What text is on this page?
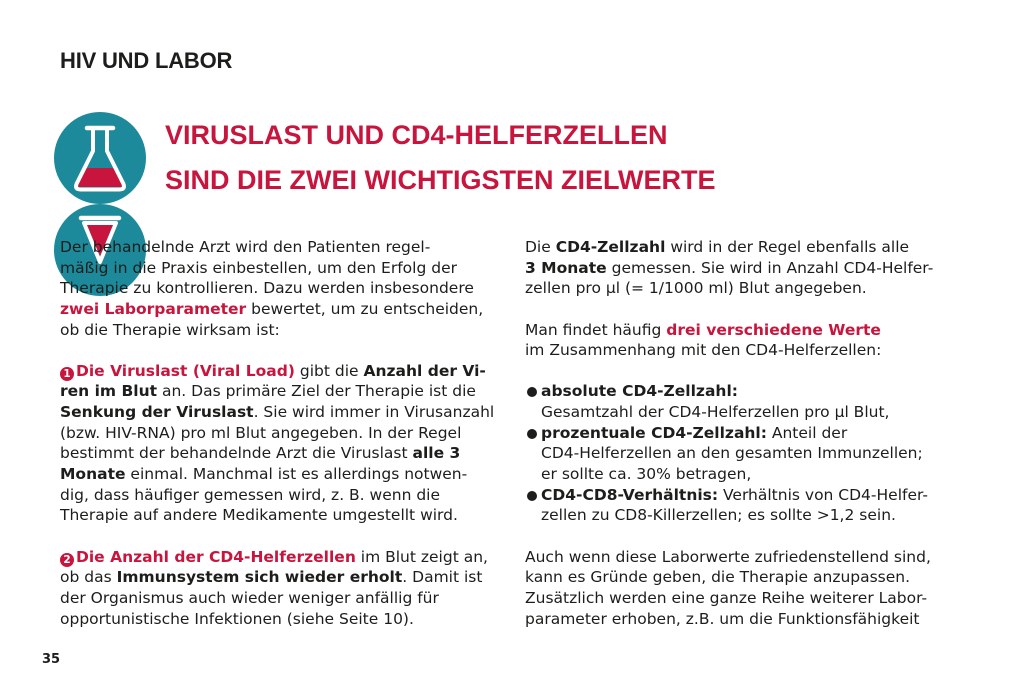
HIV UND LABOR
VIRUSLAST UND CD4-HELFERZELLEN
SIND DIE ZWEI WICHTIGSTEN ZIELWERTE
Der behandelnde Arzt wird den Patienten regel-
mäßig in die Praxis einbestellen, um den Erfolg der
Therapie zu kontrollieren. Dazu werden insbesondere
zwei Laborparameter bewertet, um zu entscheiden,
ob die Therapie wirksam ist:
1 Die Viruslast (Viral Load) gibt die Anzahl der Vi-
ren im Blut an. Das primäre Ziel der Therapie ist die
Senkung der Viruslast. Sie wird immer in Virusanzahl
(bzw. HIV-RNA) pro ml Blut angegeben. In der Regel
bestimmt der behandelnde Arzt die Viruslast alle 3
Monate einmal. Manchmal ist es allerdings notwen-
dig, dass häufiger gemessen wird, z. B. wenn die
Therapie auf andere Medikamente umgestellt wird.
2 Die Anzahl der CD4-Helferzellen im Blut zeigt an,
ob das Immunsystem sich wieder erholt. Damit ist
der Organismus auch wieder weniger anfällig für
opportunistische Infektionen (siehe Seite 10).
Die CD4-Zellzahl wird in der Regel ebenfalls alle
3 Monate gemessen. Sie wird in Anzahl CD4-Helfer-
zellen pro µl (= 1/1000 ml) Blut angegeben.
Man findet häufig drei verschiedene Werte
im Zusammenhang mit den CD4-Helferzellen:
absolute CD4-Zellzahl:
Gesamtzahl der CD4-Helferzellen pro µl Blut,
prozentuale CD4-Zellzahl: Anteil der
CD4-Helferzellen an den gesamten Immunzellen;
er sollte ca. 30% betragen,
CD4-CD8-Verhältnis: Verhältnis von CD4-Helfer-
zellen zu CD8-Killerzellen; es sollte >1,2 sein.
Auch wenn diese Laborwerte zufriedenstellend sind,
kann es Gründe geben, die Therapie anzupassen.
Zusätzlich werden eine ganze Reihe weiterer Labor-
parameter erhoben, z.B. um die Funktionsfähigkeit
35
